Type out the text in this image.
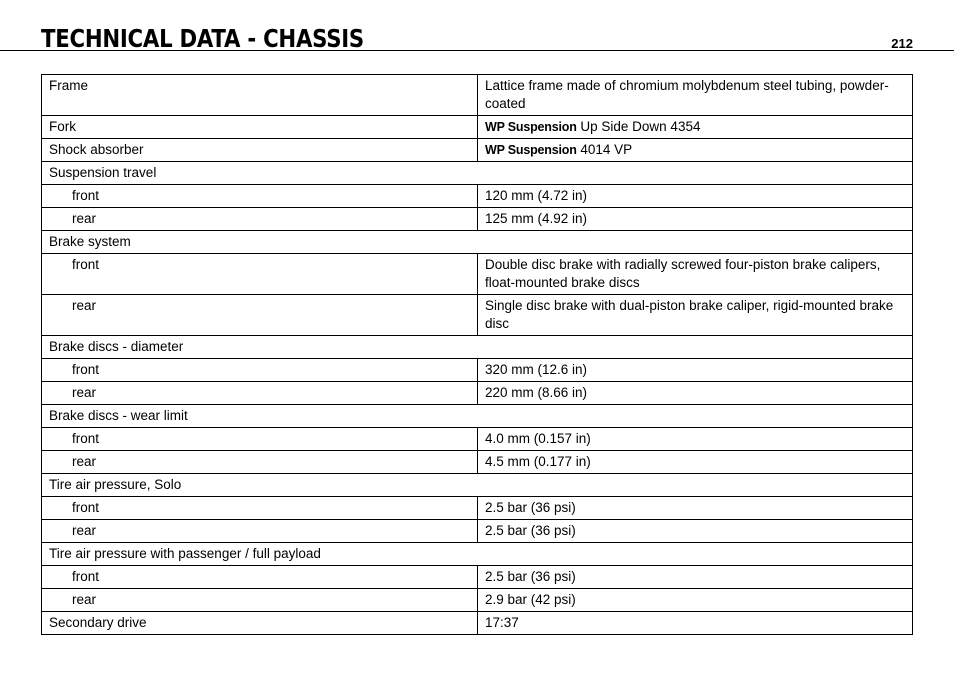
TECHNICAL DATA - CHASSIS	212
Frame	Lattice frame made of chromium molybdenum steel tubing, powder-coated
Fork	WP Suspension Up Side Down 4354
Shock absorber	WP Suspension 4014 VP
Suspension travel	
front	120 mm (4.72 in)
rear	125 mm (4.92 in)
Brake system	
front	Double disc brake with radially screwed four-piston brake calipers, float-mounted brake discs
rear	Single disc brake with dual-piston brake caliper, rigid-mounted brake disc
Brake discs - diameter	
front	320 mm (12.6 in)
rear	220 mm (8.66 in)
Brake discs - wear limit	
front	4.0 mm (0.157 in)
rear	4.5 mm (0.177 in)
Tire air pressure, Solo	
front	2.5 bar (36 psi)
rear	2.5 bar (36 psi)
Tire air pressure with passenger / full payload	
front	2.5 bar (36 psi)
rear	2.9 bar (42 psi)
Secondary drive	17:37
